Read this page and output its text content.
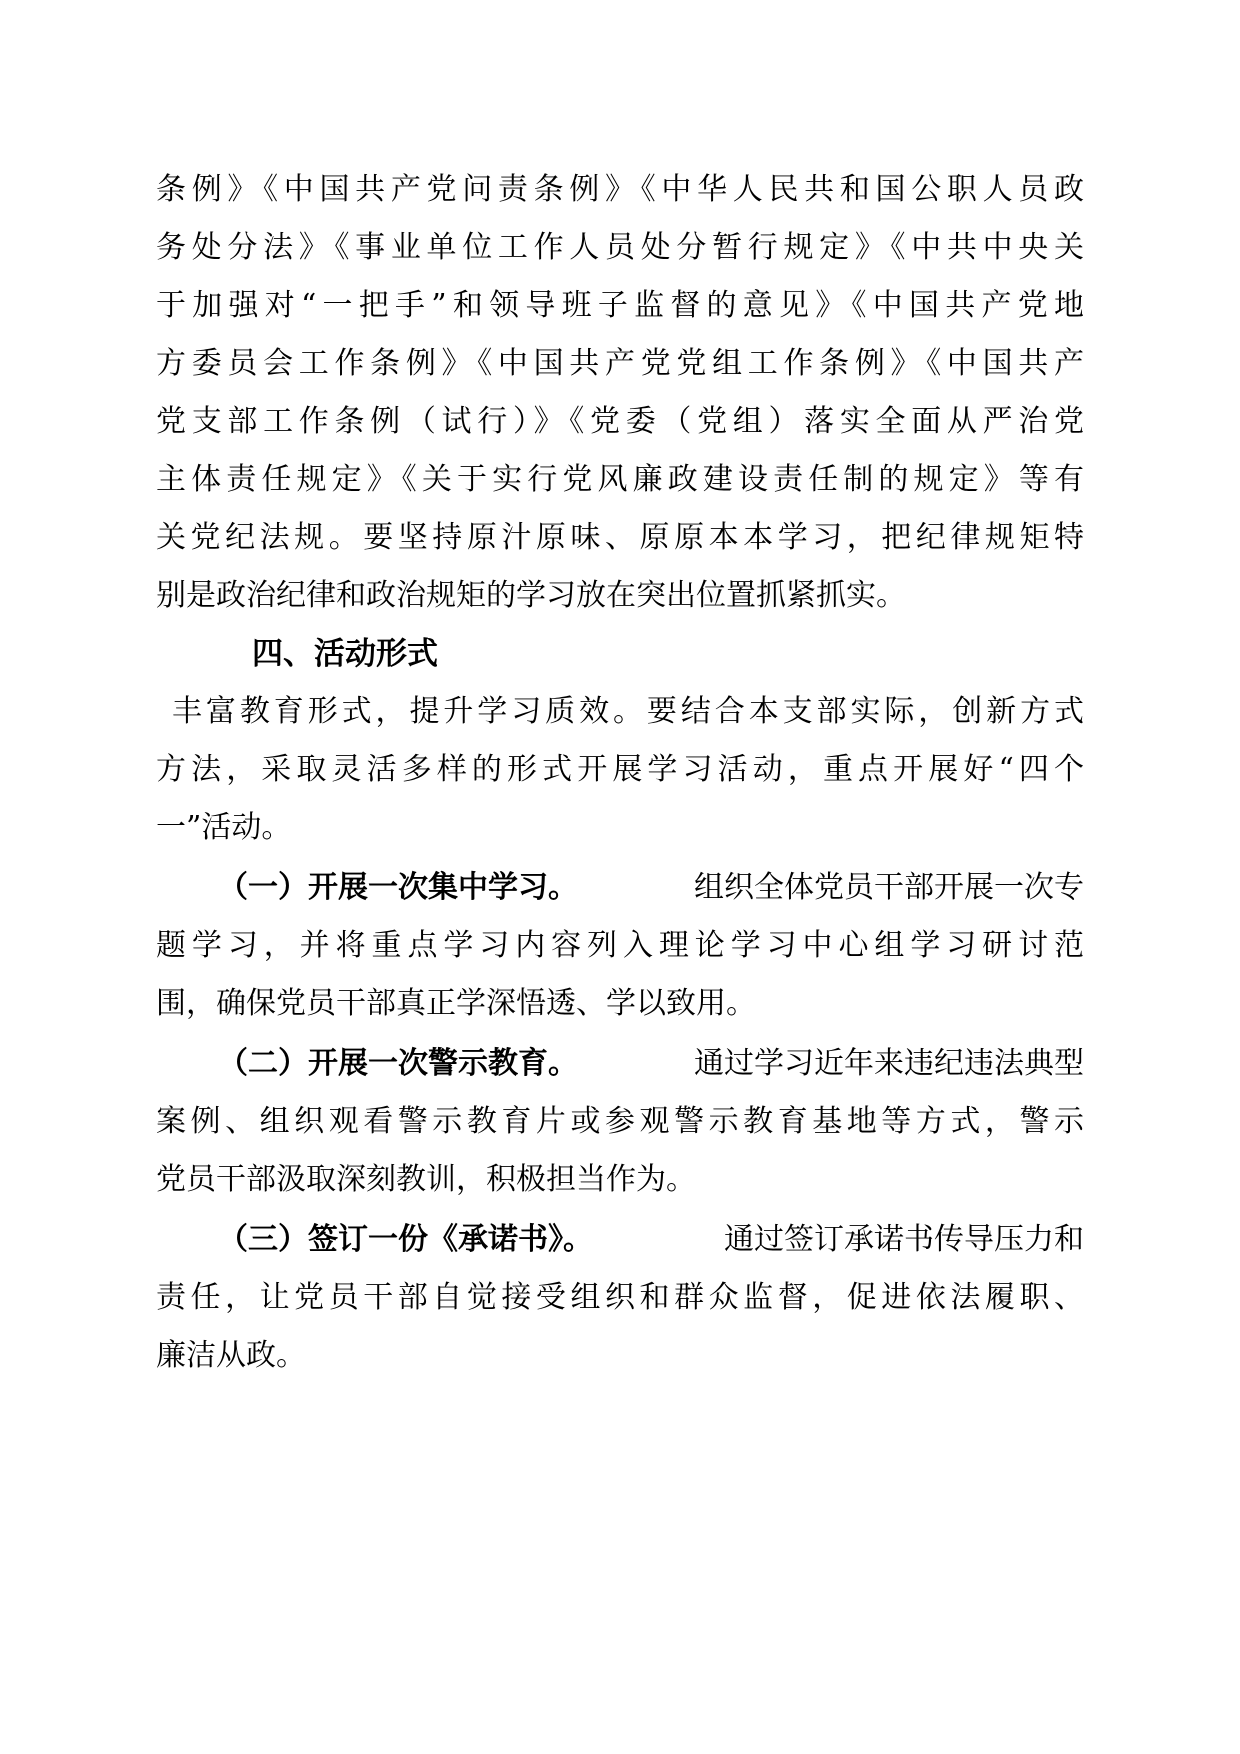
条例》《中国共产党问责条例》《中华人民共和国公职人员政
务处分法》《事业单位工作人员处分暂行规定》《中共中央关
于加强对“一把手”和领导班子监督的意见》《中国共产党地
方委员会工作条例》《中国共产党党组工作条例》《中国共产
党支部工作条例（试行）》《党委（党组）落实全面从严治党
主体责任规定》《关于实行党风廉政建设责任制的规定》等有
关党纪法规。要坚持原汁原味、原原本本学习，把纪律规矩特
别是政治纪律和政治规矩的学习放在突出位置抓紧抓实。
四、活动形式
丰富教育形式，提升学习质效。要结合本支部实际，创新方式
方法，采取灵活多样的形式开展学习活动，重点开展好“四个
一”活动。
（一）开展一次集中学习。	组织全体党员干部开展一次专
题学习，并将重点学习内容列入理论学习中心组学习研讨范
围，确保党员干部真正学深悟透、学以致用。
（二）开展一次警示教育。	通过学习近年来违纪违法典型
案例、组织观看警示教育片或参观警示教育基地等方式，警示
党员干部汲取深刻教训，积极担当作为。
（三）签订一份《承诺书》。	通过签订承诺书传导压力和
责任，让党员干部自觉接受组织和群众监督，促进依法履职、
廉洁从政。
